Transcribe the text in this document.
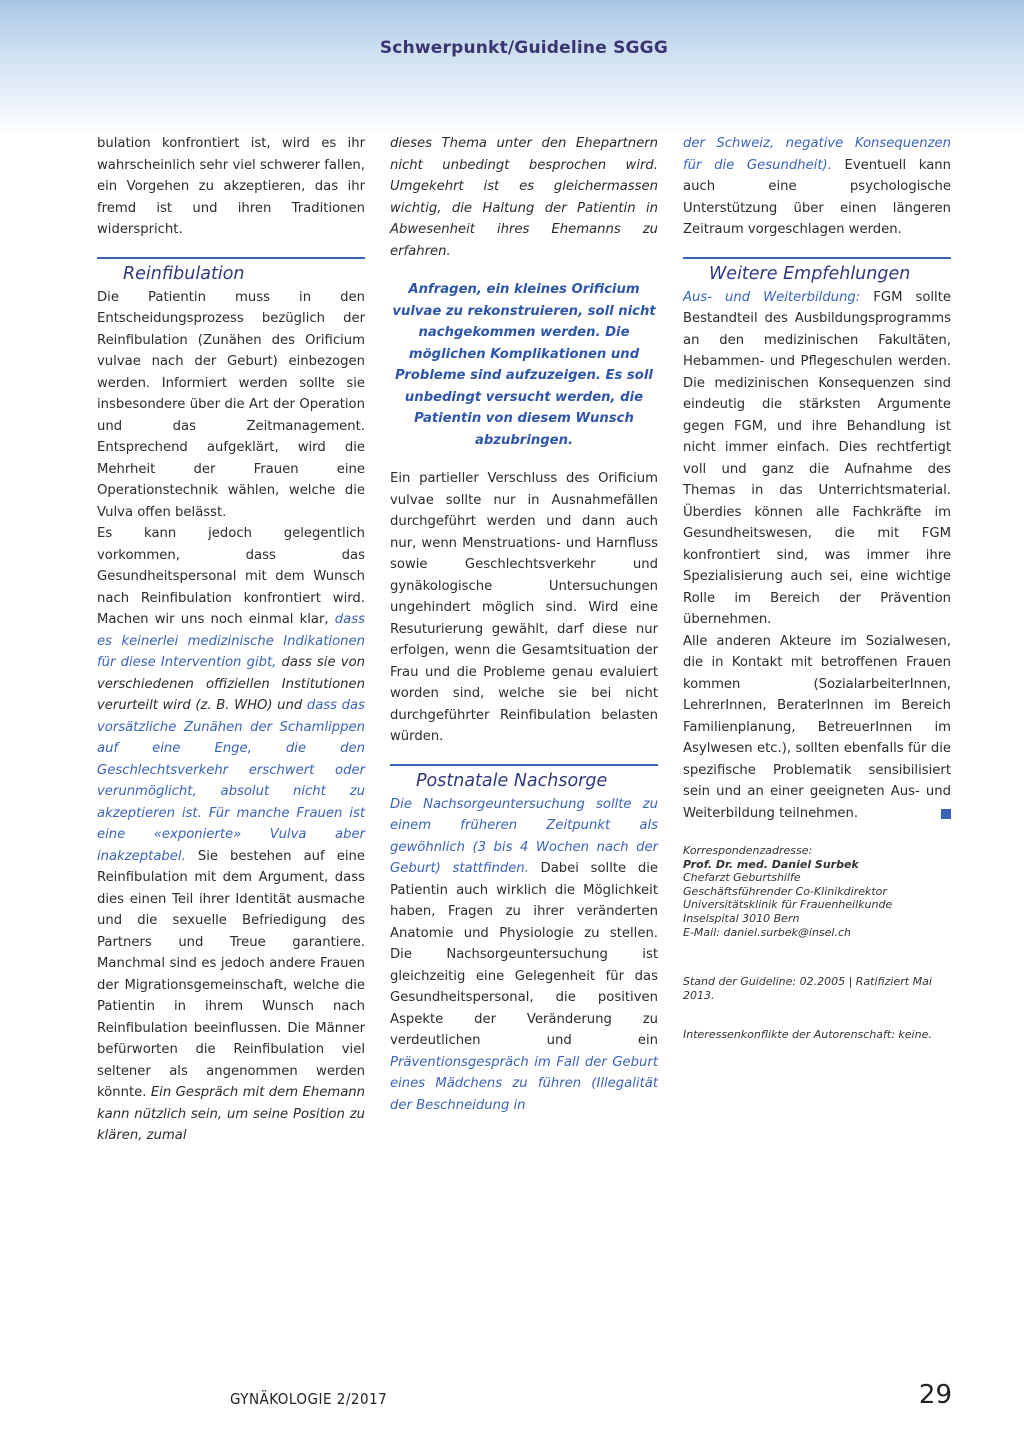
Schwerpunkt/Guideline SGGG

bulation konfrontiert ist, wird es ihr wahrscheinlich sehr viel schwerer fallen, ein Vorgehen zu akzeptieren, das ihr fremd ist und ihren Traditionen widerspricht.

Reinfibulation

Die Patientin muss in den Entscheidungsprozess bezüglich der Reinfibulation (Zunähen des Orificium vulvae nach der Geburt) einbezogen werden. Informiert werden sollte sie insbesondere über die Art der Operation und das Zeitmanagement. Entsprechend aufgeklärt, wird die Mehrheit der Frauen eine Operationstechnik wählen, welche die Vulva offen belässt.

Es kann jedoch gelegentlich vorkommen, dass das Gesundheitspersonal mit dem Wunsch nach Reinfibulation konfrontiert wird. Machen wir uns noch einmal klar, dass es keinerlei medizinische Indikationen für diese Intervention gibt, dass sie von verschiedenen offiziellen Institutionen verurteilt wird (z. B. WHO) und dass das vorsätzliche Zunähen der Schamlippen auf eine Enge, die den Geschlechtsverkehr erschwert oder verunmöglicht, absolut nicht zu akzeptieren ist. Für manche Frauen ist eine «exponierte» Vulva aber inakzeptabel. Sie bestehen auf eine Reinfibulation mit dem Argument, dass dies einen Teil ihrer Identität ausmache und die sexuelle Befriedigung des Partners und Treue garantiere. Manchmal sind es jedoch andere Frauen der Migrationsgemeinschaft, welche die Patientin in ihrem Wunsch nach Reinfibulation beeinflussen. Die Männer befürworten die Reinfibulation viel seltener als angenommen werden könnte. Ein Gespräch mit dem Ehemann kann nützlich sein, um seine Position zu klären, zumal

dieses Thema unter den Ehepartnern nicht unbedingt besprochen wird. Umgekehrt ist es gleichermassen wichtig, die Haltung der Patientin in Abwesenheit ihres Ehemanns zu erfahren.

Anfragen, ein kleines Orificium vulvae zu rekonstruieren, soll nicht nachgekommen werden. Die möglichen Komplikationen und Probleme sind aufzuzeigen. Es soll unbedingt versucht werden, die Patientin von diesem Wunsch abzubringen.

Ein partieller Verschluss des Orificium vulvae sollte nur in Ausnahmefällen durchgeführt werden und dann auch nur, wenn Menstruations- und Harnfluss sowie Geschlechtsverkehr und gynäkologische Untersuchungen ungehindert möglich sind. Wird eine Resuturierung gewählt, darf diese nur erfolgen, wenn die Gesamtsituation der Frau und die Probleme genau evaluiert worden sind, welche sie bei nicht durchgeführter Reinfibulation belasten würden.

Postnatale Nachsorge

Die Nachsorgeuntersuchung sollte zu einem früheren Zeitpunkt als gewöhnlich (3 bis 4 Wochen nach der Geburt) stattfinden. Dabei sollte die Patientin auch wirklich die Möglichkeit haben, Fragen zu ihrer veränderten Anatomie und Physiologie zu stellen. Die Nachsorgeuntersuchung ist gleichzeitig eine Gelegenheit für das Gesundheitspersonal, die positiven Aspekte der Veränderung zu verdeutlichen und ein Präventionsgespräch im Fall der Geburt eines Mädchens zu führen (Illegalität der Beschneidung in

der Schweiz, negative Konsequenzen für die Gesundheit). Eventuell kann auch eine psychologische Unterstützung über einen längeren Zeitraum vorgeschlagen werden.

Weitere Empfehlungen

Aus- und Weiterbildung: FGM sollte Bestandteil des Ausbildungsprogramms an den medizinischen Fakultäten, Hebammen- und Pflegeschulen werden. Die medizinischen Konsequenzen sind eindeutig die stärksten Argumente gegen FGM, und ihre Behandlung ist nicht immer einfach. Dies rechtfertigt voll und ganz die Aufnahme des Themas in das Unterrichtsmaterial. Überdies können alle Fachkräfte im Gesundheitswesen, die mit FGM konfrontiert sind, was immer ihre Spezialisierung auch sei, eine wichtige Rolle im Bereich der Prävention übernehmen.

Alle anderen Akteure im Sozialwesen, die in Kontakt mit betroffenen Frauen kommen (SozialarbeiterInnen, LehrerInnen, BeraterInnen im Bereich Familienplanung, BetreuerInnen im Asylwesen etc.), sollten ebenfalls für die spezifische Problematik sensibilisiert sein und an einer geeigneten Aus- und Weiterbildung teilnehmen.

Korrespondenzadresse:
Prof. Dr. med. Daniel Surbek
Chefarzt Geburtshilfe
Geschäftsführender Co-Klinikdirektor
Universitätsklinik für Frauenheilkunde
Inselspital 3010 Bern
E-Mail: daniel.surbek@insel.ch
Stand der Guideline: 02.2005 | Ratifiziert Mai 2013.
Interessenkonflikte der Autorenschaft: keine.
GYNÄKOLOGIE 2/2017	29
